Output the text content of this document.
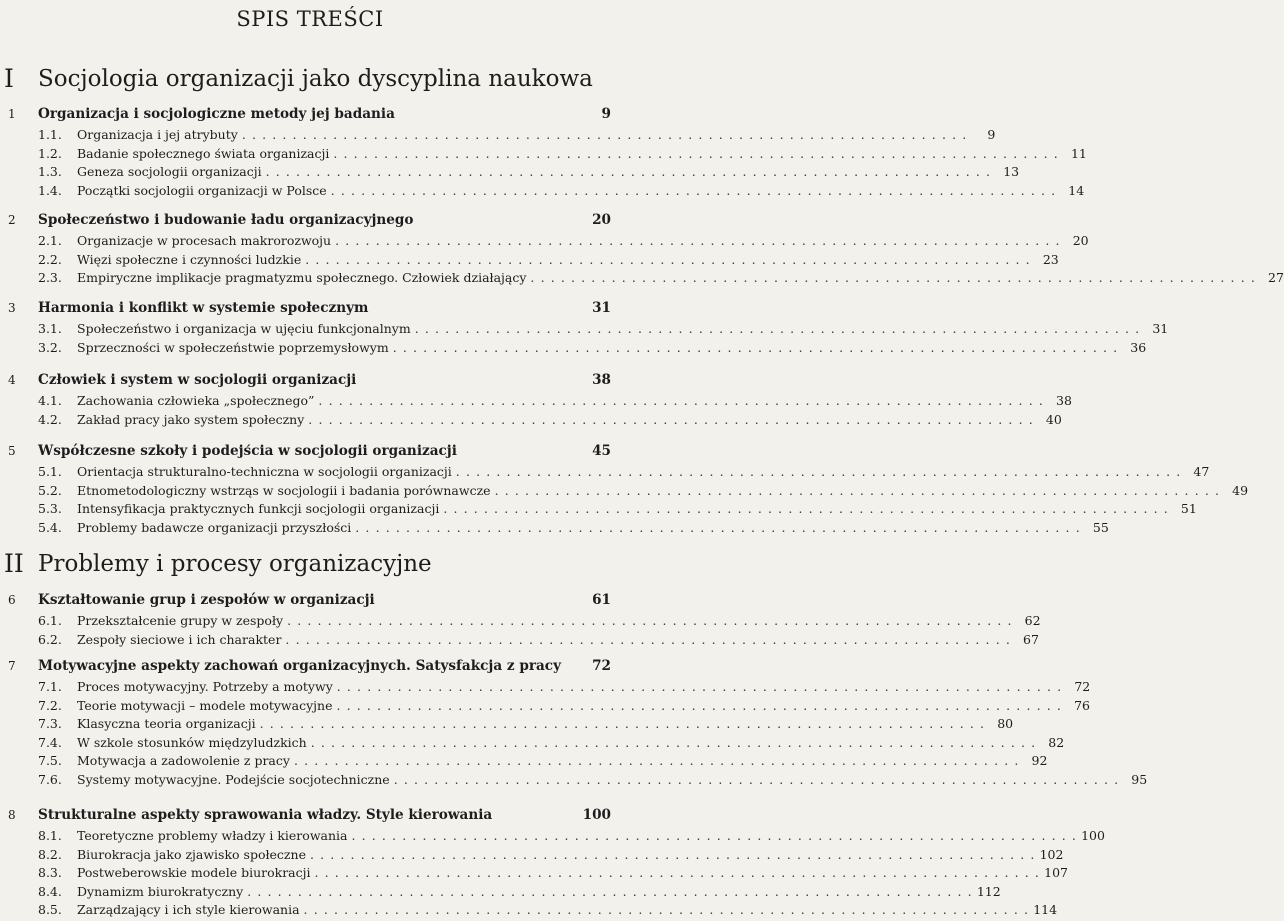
SPIS TREŚCI
I Socjologia organizacji jako dyscyplina naukowa
1 Organizacja i socjologiczne metody jej badania	9
1.1.	Organizacja i jej atrybuty . . .	9
1.2.	Badanie społecznego świata organizacji . . .	11
1.3.	Geneza socjologii organizacji . . .	13
1.4.	Początki socjologii organizacji w Polsce . . .	14
2 Społeczeństwo i budowanie ładu organizacyjnego	20
2.1.	Organizacje w procesach makrorozwoju . . .	20
2.2.	Więzi społeczne i czynności ludzkie . . .	23
2.3.	Empiryczne implikacje pragmatyzmu społecznego. Człowiek działający . . .	27
3 Harmonia i konflikt w systemie społecznym	31
3.1.	Społeczeństwo i organizacja w ujęciu funkcjonalnym . . .	31
3.2.	Sprzeczności w społeczeństwie poprzemysłowym . . .	36
4 Człowiek i system w socjologii organizacji	38
4.1.	Zachowania człowieka „społecznego” . . .	38
4.2.	Zakład pracy jako system społeczny . . .	40
5 Współczesne szkoły i podejścia w socjologii organizacji	45
5.1.	Orientacja strukturalno-techniczna w socjologii organizacji . . .	47
5.2.	Etnometodologiczny wstrząs w socjologii i badania porównawcze . . .	49
5.3.	Intensyfikacja praktycznych funkcji socjologii organizacji . . .	51
5.4.	Problemy badawcze organizacji przyszłości . . .	55
II Problemy i procesy organizacyjne
6 Kształtowanie grup i zespołów w organizacji	61
6.1.	Przekształcenie grupy w zespoły . . .	62
6.2.	Zespoły sieciowe i ich charakter . . .	67
7 Motywacyjne aspekty zachowań organizacyjnych. Satysfakcja z pracy 72
7.1.	Proces motywacyjny. Potrzeby a motywy . . .	72
7.2.	Teorie motywacji – modele motywacyjne . . .	76
7.3.	Klasyczna teoria organizacji . . .	80
7.4.	W szkole stosunków międzyludzkich . . .	82
7.5.	Motywacja a zadowolenie z pracy . . .	92
7.6.	Systemy motywacyjne. Podejście socjotechniczne . . .	95
8 Strukturalne aspekty sprawowania władzy. Style kierowania	100
8.1.	Teoretyczne problemy władzy i kierowania . . .	100
8.2.	Biurokracja jako zjawisko społeczne . . .	102
8.3.	Postweberowskie modele biurokracji . . .	107
8.4.	Dynamizm biurokratyczny . . .	112
8.5.	Zarządzający i ich style kierowania . . .	114
